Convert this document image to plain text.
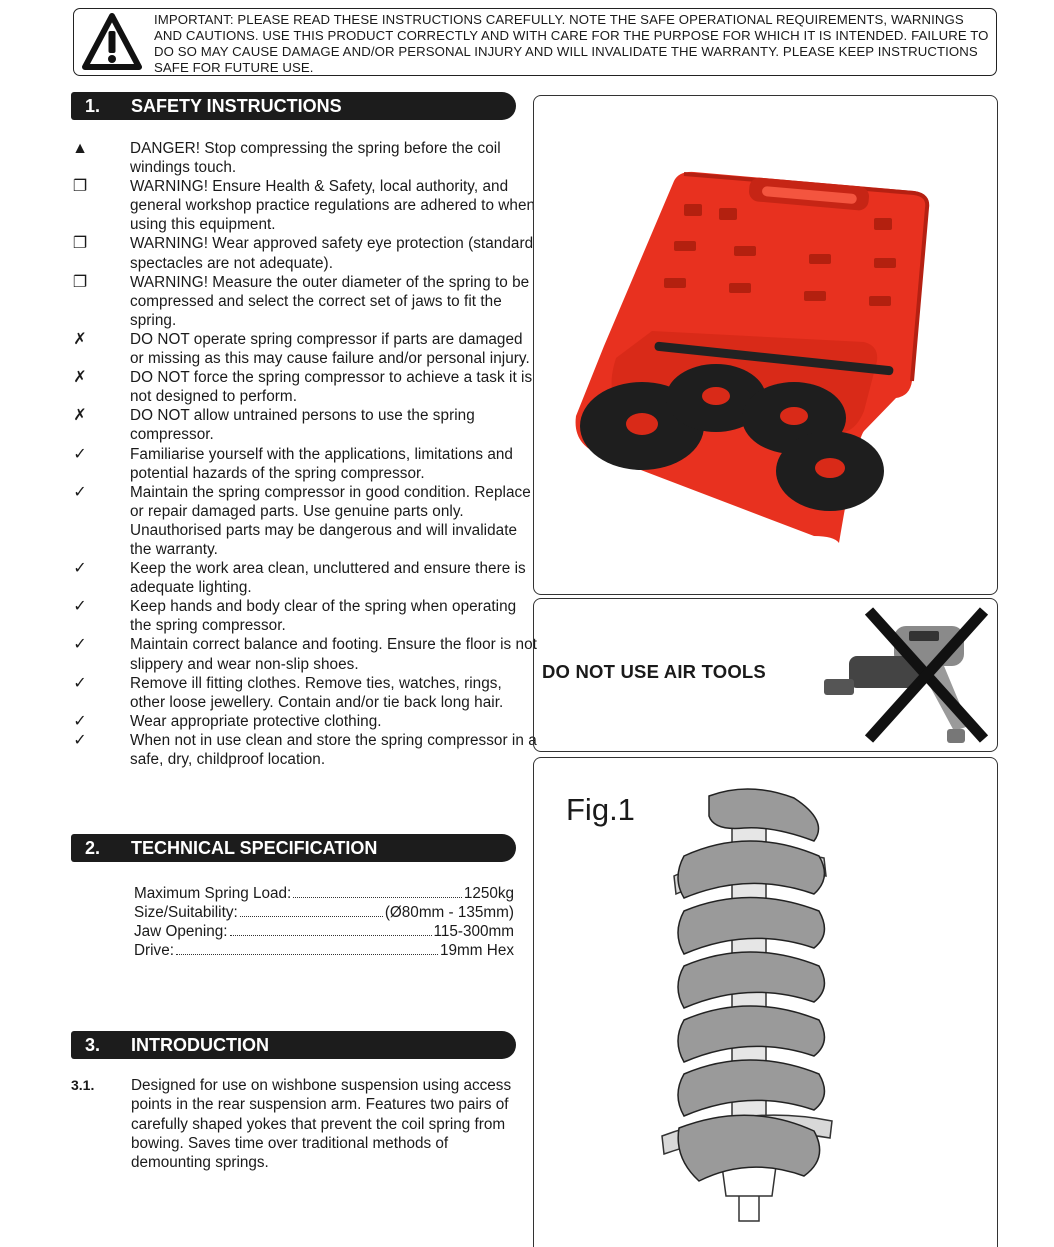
IMPORTANT: PLEASE READ THESE INSTRUCTIONS CAREFULLY. NOTE THE SAFE OPERATIONAL REQUIREMENTS, WARNINGS AND CAUTIONS. USE THIS PRODUCT CORRECTLY AND WITH CARE FOR THE PURPOSE FOR WHICH IT IS INTENDED. FAILURE TO DO SO MAY CAUSE DAMAGE AND/OR PERSONAL INJURY AND WILL INVALIDATE THE WARRANTY. PLEASE KEEP INSTRUCTIONS SAFE FOR FUTURE USE.
1. SAFETY INSTRUCTIONS
▲	DANGER! Stop compressing the spring before the coil windings touch.
❐	WARNING! Ensure Health & Safety, local authority, and general workshop practice regulations are adhered to when using this equipment.
❐	WARNING! Wear approved safety eye protection (standard spectacles are not adequate).
❐	WARNING! Measure the outer diameter of the spring to be compressed and select the correct set of jaws to fit the spring.
✗	DO NOT operate spring compressor if parts are damaged or missing as this may cause failure and/or personal injury.
✗	DO NOT force the spring compressor to achieve a task it is not designed to perform.
✗	DO NOT allow untrained persons to use the spring compressor.
✓	Familiarise yourself with the applications, limitations and potential hazards of the spring compressor.
✓	Maintain the spring compressor in good condition. Replace or repair damaged parts. Use genuine parts only. Unauthorised parts may be dangerous and will invalidate the warranty.
✓	Keep the work area clean, uncluttered and ensure there is adequate lighting.
✓	Keep hands and body clear of the spring when operating the spring compressor.
✓	Maintain correct balance and footing. Ensure the floor is not slippery and wear non-slip shoes.
✓	Remove ill fitting clothes. Remove ties, watches, rings, other loose jewellery. Contain and/or tie back long hair.
✓	Wear appropriate protective clothing.
✓	When not in use clean and store the spring compressor in a safe, dry, childproof location.
2. TECHNICAL SPECIFICATION
Maximum Spring Load:	1250kg
Size/Suitability:	(Ø80mm - 135mm)
Jaw Opening:	115-300mm
Drive:	19mm Hex
3. INTRODUCTION
3.1. Designed for use on wishbone suspension using access points in the rear suspension arm. Features two pairs of carefully shaped yokes that prevent the coil spring from bowing. Saves time over traditional methods of demounting springs.
DO NOT USE AIR TOOLS
Fig.1
